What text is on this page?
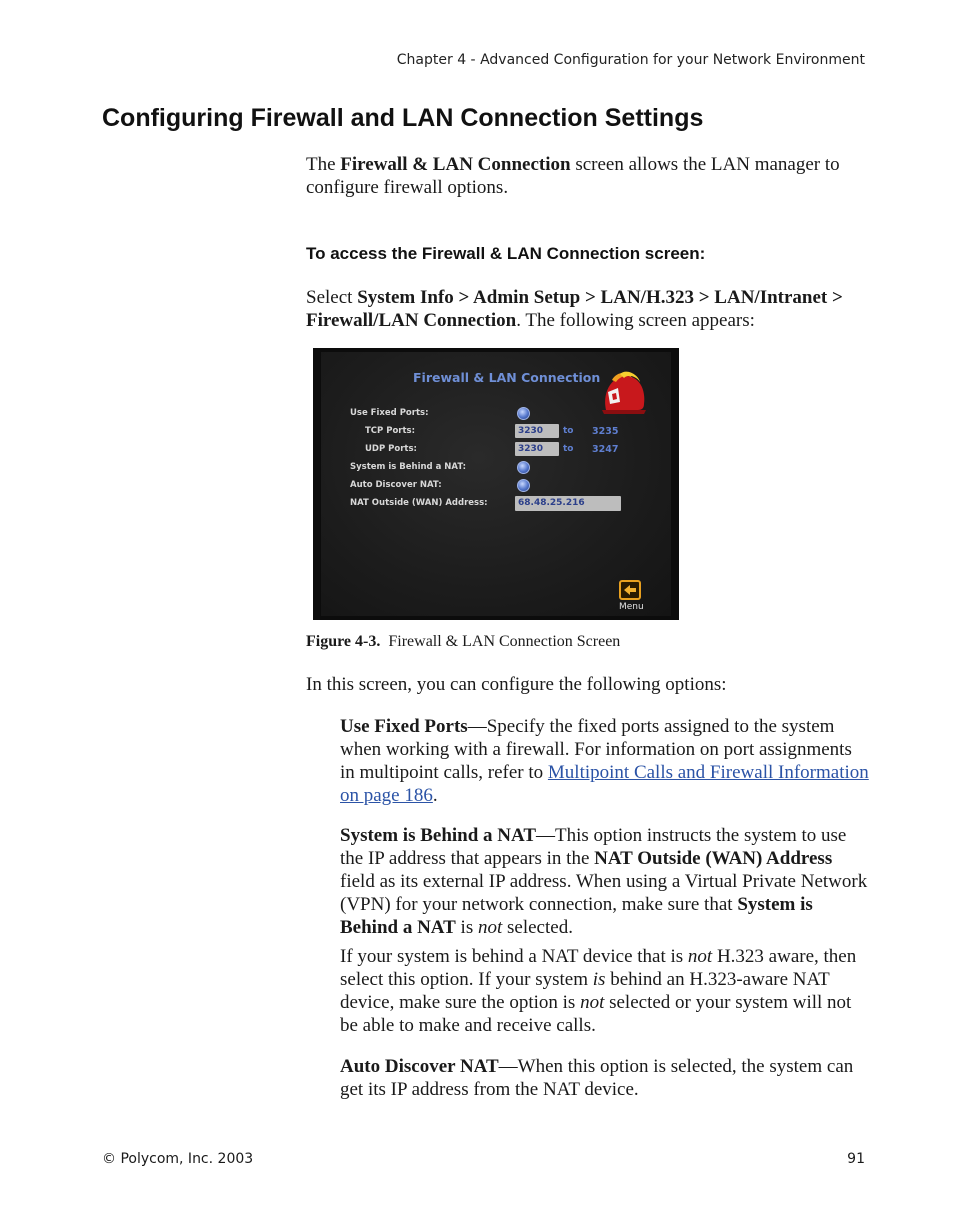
Chapter 4 - Advanced Configuration for your Network Environment
Configuring Firewall and LAN Connection Settings
The Firewall & LAN Connection screen allows the LAN manager to configure firewall options.
To access the Firewall & LAN Connection screen:
Select System Info > Admin Setup > LAN/H.323 > LAN/Intranet > Firewall/LAN Connection. The following screen appears:
Firewall & LAN Connection
Use Fixed Ports:
TCP Ports:	3230	to 3235
UDP Ports:	3230	to 3247
System is Behind a NAT:
Auto Discover NAT:
NAT Outside (WAN) Address:	68.48.25.216
Menu
Figure 4-3. Firewall & LAN Connection Screen
In this screen, you can configure the following options:

Use Fixed Ports—Specify the fixed ports assigned to the system when working with a firewall. For information on port assignments in multipoint calls, refer to Multipoint Calls and Firewall Information on page 186.

System is Behind a NAT—This option instructs the system to use the IP address that appears in the NAT Outside (WAN) Address field as its external IP address. When using a Virtual Private Network (VPN) for your network connection, make sure that System is Behind a NAT is not selected.

If your system is behind a NAT device that is not H.323 aware, then select this option. If your system is behind an H.323-aware NAT device, make sure the option is not selected or your system will not be able to make and receive calls.

Auto Discover NAT—When this option is selected, the system can get its IP address from the NAT device.

© Polycom, Inc. 2003	91
